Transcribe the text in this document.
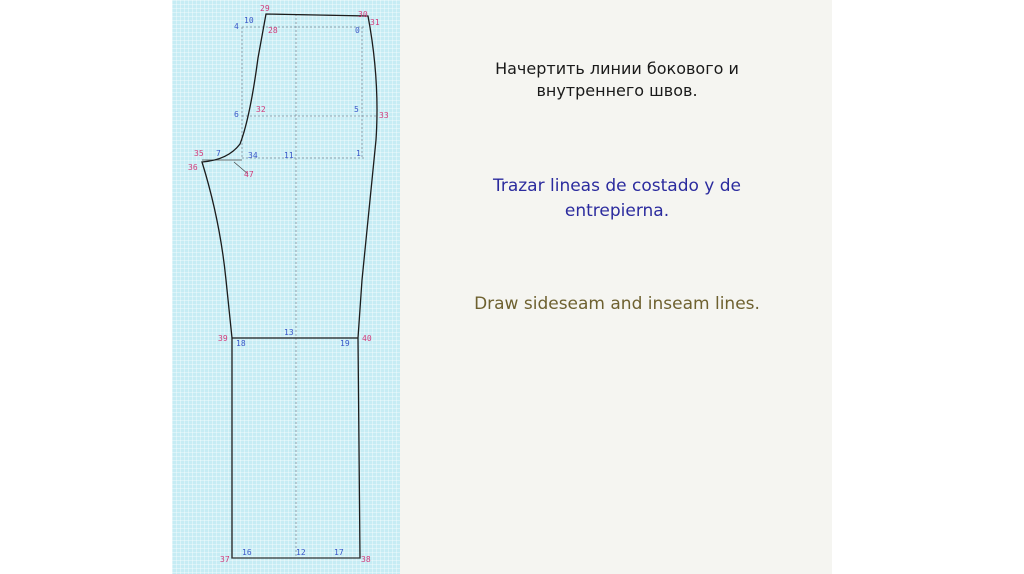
29
10
4	28
30
31
0
6
32	5
33
35 7	34	11	1
36
47
39
18
13
19
40
37
16	12	17
38

Начертить линии бокового и
внутреннего швов.

Trazar lineas de costado y de
entrepierna.

Draw sideseam and inseam lines.
